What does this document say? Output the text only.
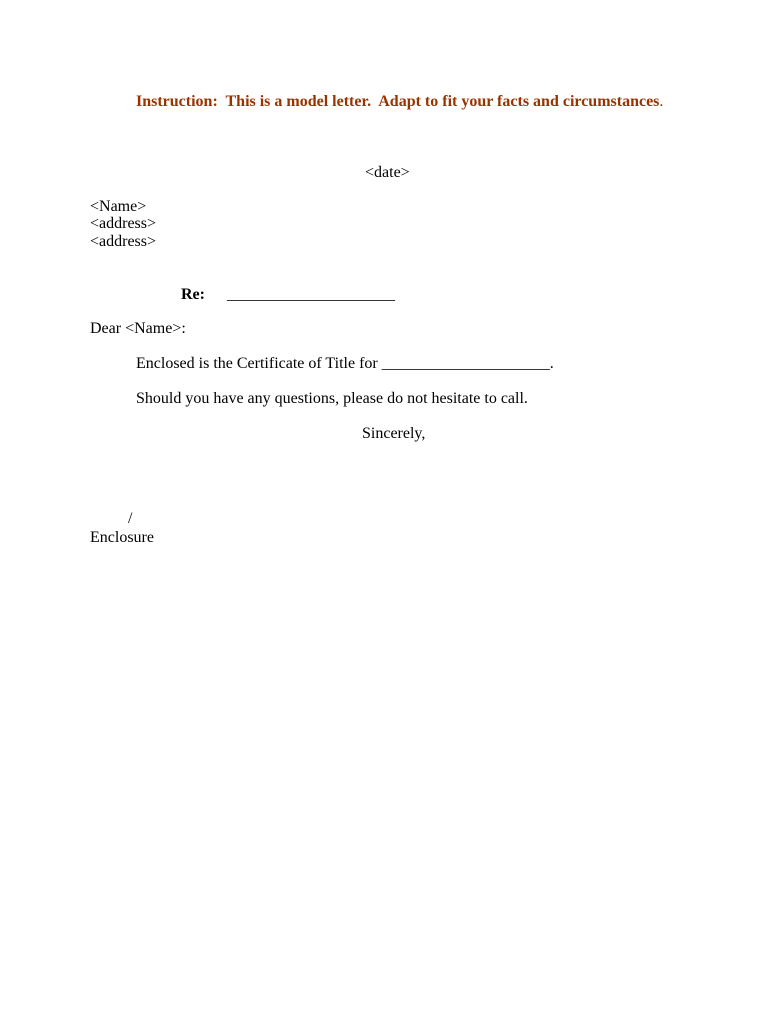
Instruction:  This is a model letter.  Adapt to fit your facts and circumstances.
<date>
<Name>
<address>
<address>
Re: _____________________
Dear <Name>:
Enclosed is the Certificate of Title for _____________________.
Should you have any questions, please do not hesitate to call.
Sincerely,
/
Enclosure
